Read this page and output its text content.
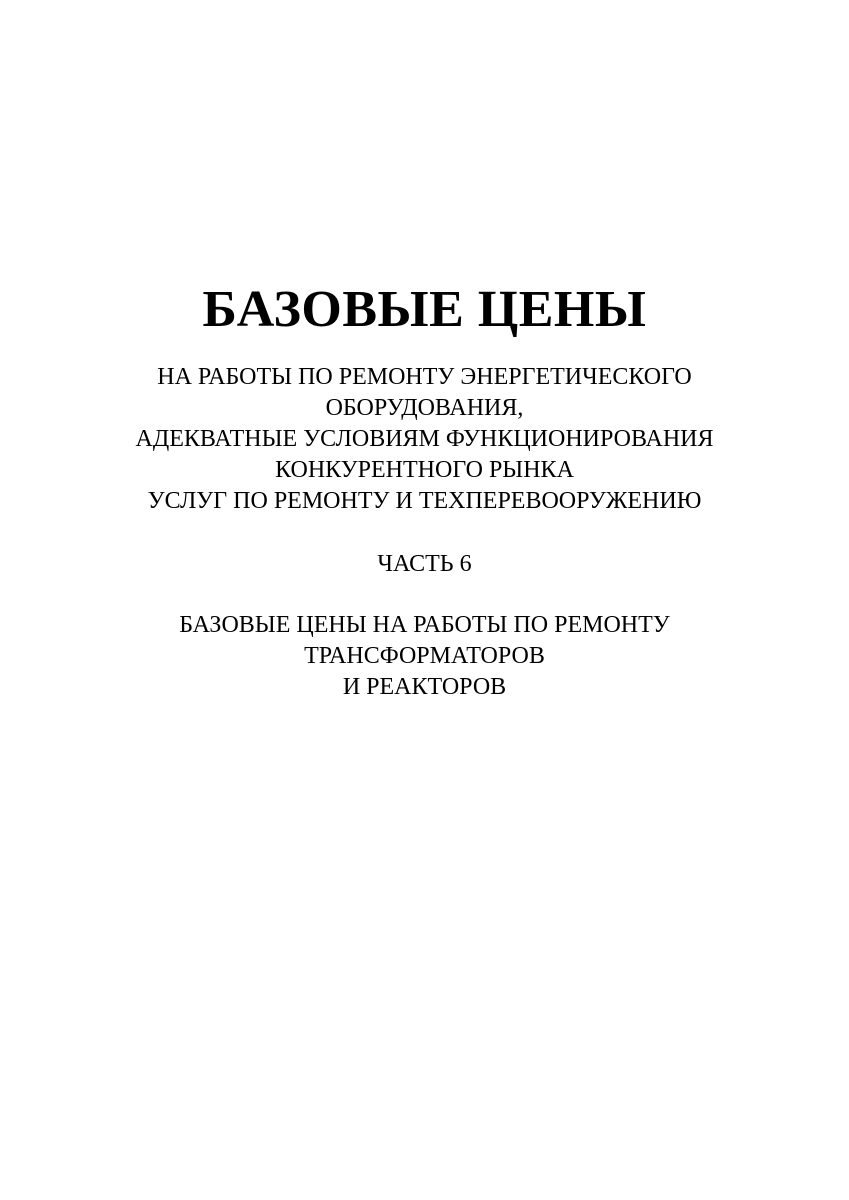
БАЗОВЫЕ ЦЕНЫ
НА РАБОТЫ ПО РЕМОНТУ ЭНЕРГЕТИЧЕСКОГО
ОБОРУДОВАНИЯ,
АДЕКВАТНЫЕ УСЛОВИЯМ ФУНКЦИОНИРОВАНИЯ
КОНКУРЕНТНОГО РЫНКА
УСЛУГ ПО РЕМОНТУ И ТЕХПЕРЕВООРУЖЕНИЮ
ЧАСТЬ 6
БАЗОВЫЕ ЦЕНЫ НА РАБОТЫ ПО РЕМОНТУ
ТРАНСФОРМАТОРОВ
И РЕАКТОРОВ
